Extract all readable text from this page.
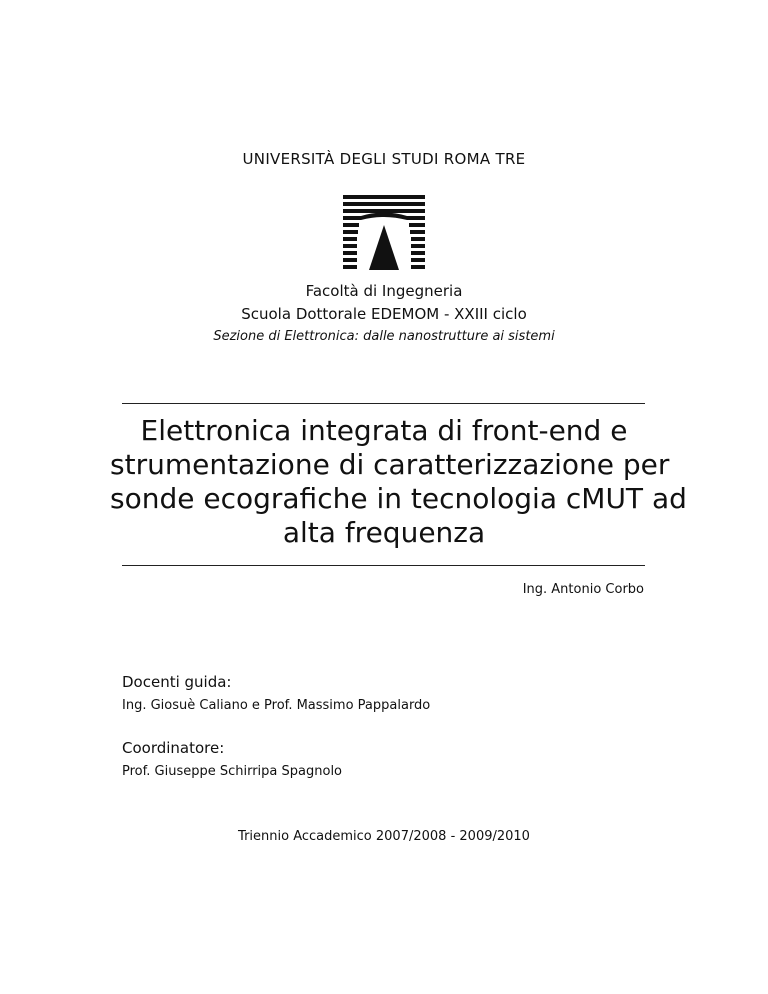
UNIVERSITÀ DEGLI STUDI ROMA TRE
Facoltà di Ingegneria
Scuola Dottorale EDEMOM - XXIII ciclo
Sezione di Elettronica: dalle nanostrutture ai sistemi
Elettronica integrata di front-end e
strumentazione di caratterizzazione per
sonde ecografiche in tecnologia cMUT ad
alta frequenza
Ing. Antonio Corbo
Docenti guida:
Ing. Giosuè Caliano e Prof. Massimo Pappalardo
Coordinatore:
Prof. Giuseppe Schirripa Spagnolo
Triennio Accademico 2007/2008 - 2009/2010
